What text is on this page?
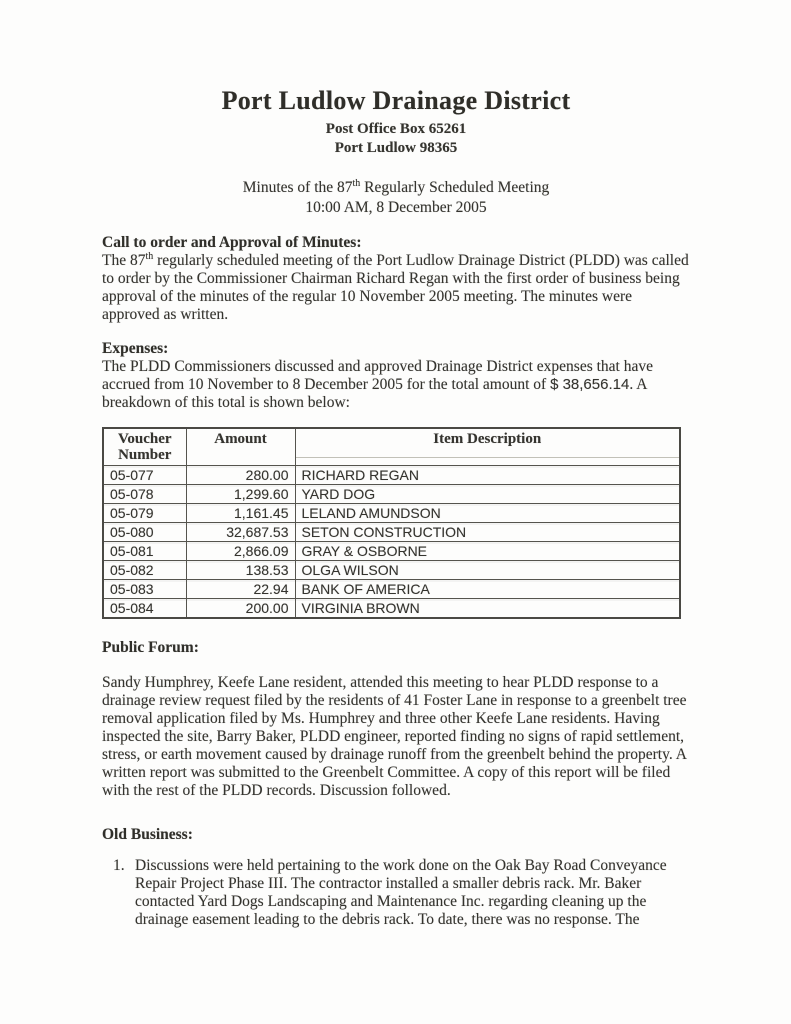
Port Ludlow Drainage District
Post Office Box 65261
Port Ludlow 98365
Minutes of the 87th Regularly Scheduled Meeting
10:00 AM, 8 December 2005
Call to order and Approval of Minutes:

The 87th regularly scheduled meeting of the Port Ludlow Drainage District (PLDD) was called to order by the Commissioner Chairman Richard Regan with the first order of business being approval of the minutes of the regular 10 November 2005 meeting. The minutes were approved as written.

Expenses:

The PLDD Commissioners discussed and approved Drainage District expenses that have accrued from 10 November to 8 December 2005 for the total amount of $ 38,656.14. A breakdown of this total is shown below:

Voucher Number	Amount	Item Description
05-077	280.00	RICHARD REGAN
05-078	1,299.60	YARD DOG
05-079	1,161.45	LELAND AMUNDSON
05-080	32,687.53	SETON CONSTRUCTION
05-081	2,866.09	GRAY & OSBORNE
05-082	138.53	OLGA WILSON
05-083	22.94	BANK OF AMERICA
05-084	200.00	VIRGINIA BROWN
Public Forum:

Sandy Humphrey, Keefe Lane resident, attended this meeting to hear PLDD response to a drainage review request filed by the residents of 41 Foster Lane in response to a greenbelt tree removal application filed by Ms. Humphrey and three other Keefe Lane residents. Having inspected the site, Barry Baker, PLDD engineer, reported finding no signs of rapid settlement, stress, or earth movement caused by drainage runoff from the greenbelt behind the property. A written report was submitted to the Greenbelt Committee. A copy of this report will be filed with the rest of the PLDD records. Discussion followed.

Old Business:
1. Discussions were held pertaining to the work done on the Oak Bay Road Conveyance Repair Project Phase III. The contractor installed a smaller debris rack. Mr. Baker contacted Yard Dogs Landscaping and Maintenance Inc. regarding cleaning up the drainage easement leading to the debris rack. To date, there was no response. The
